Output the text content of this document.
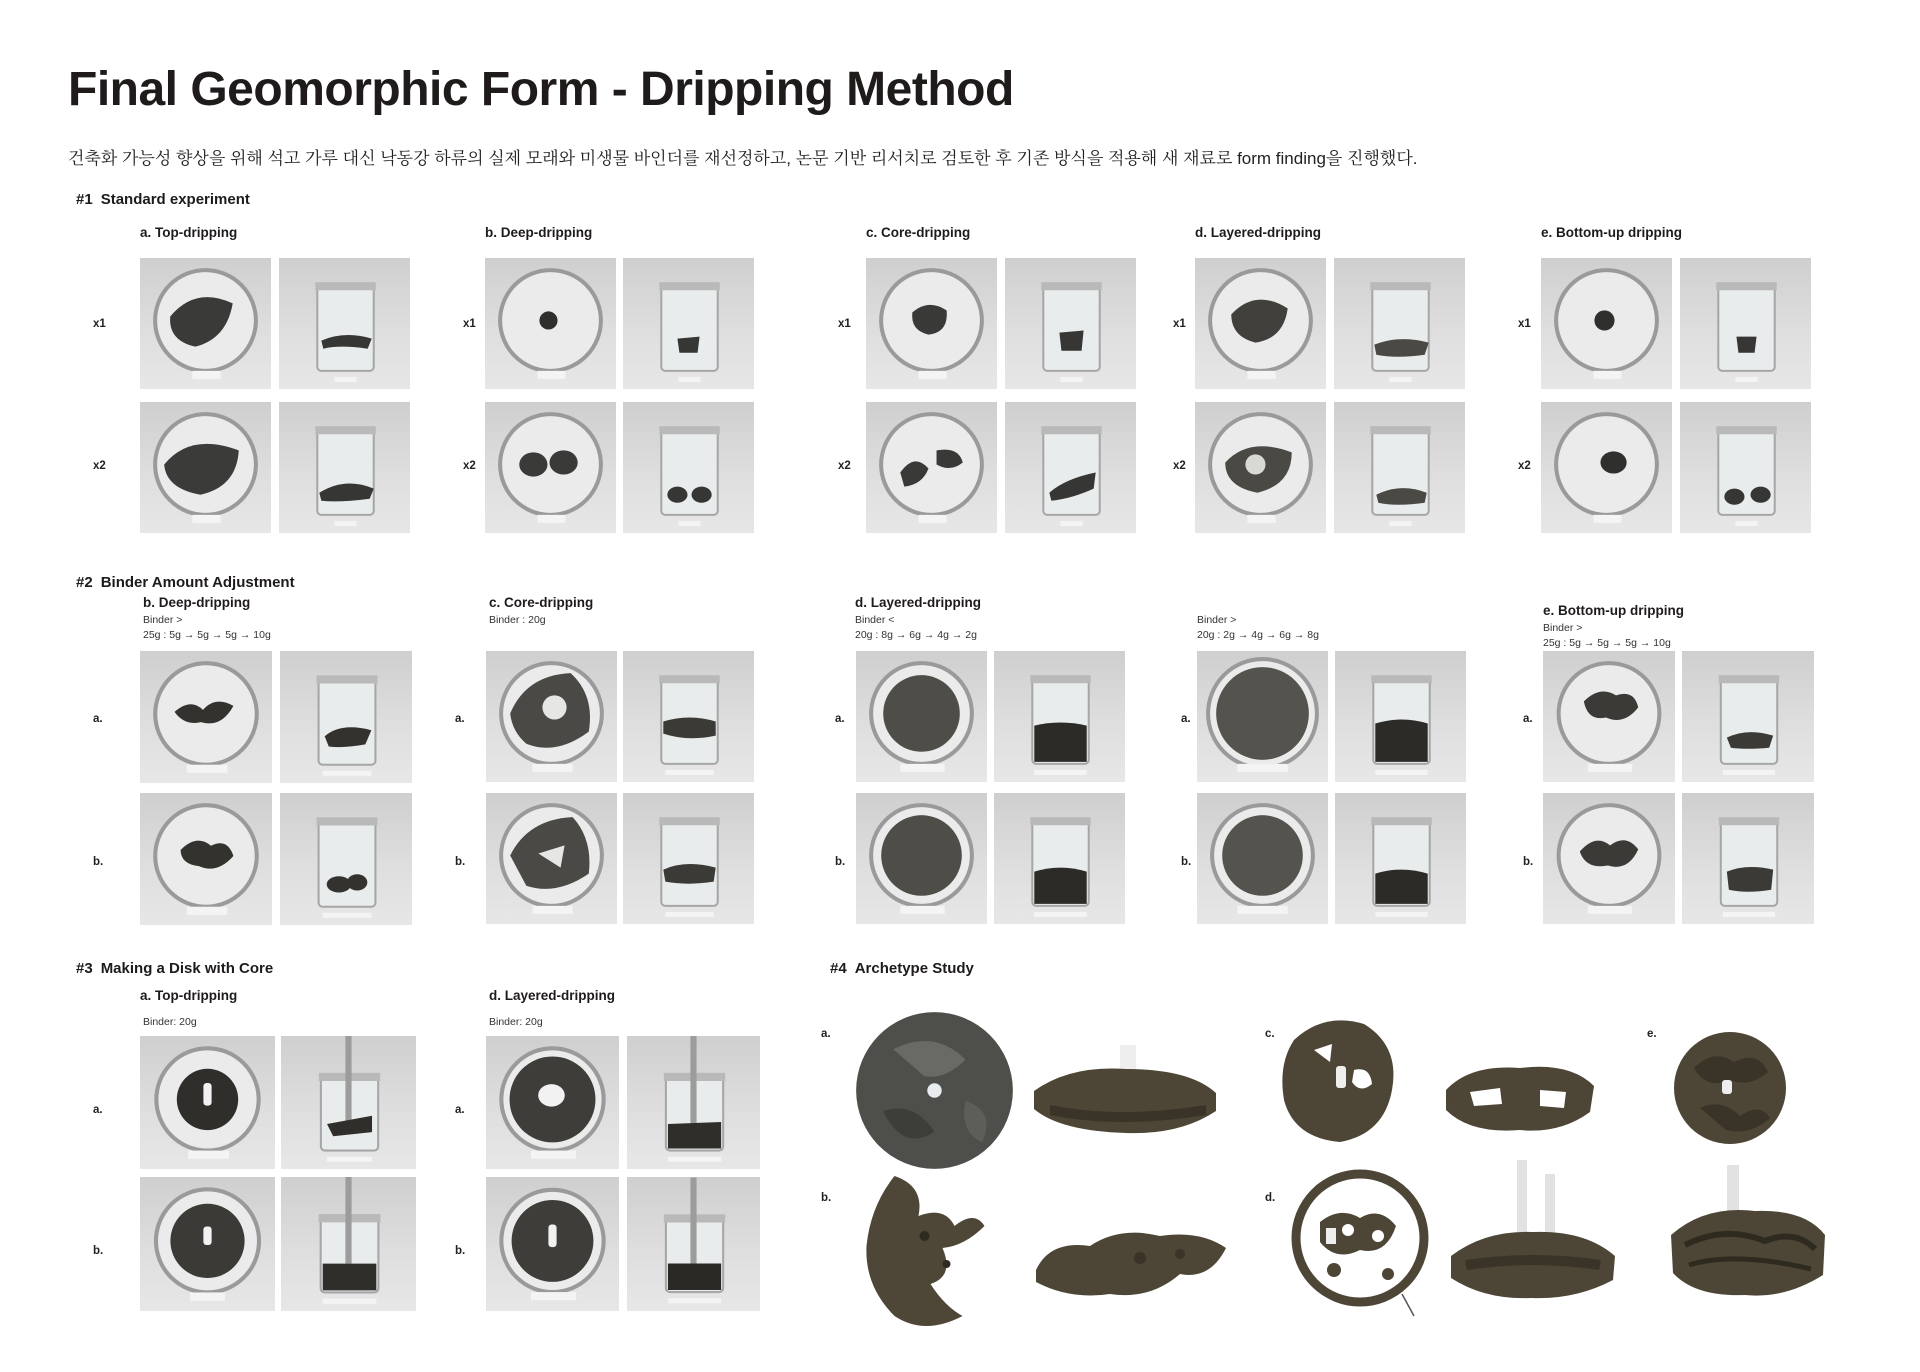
Final Geomorphic Form - Dripping Method
건축화 가능성 향상을 위해 석고 가루 대신 낙동강 하류의 실제 모래와 미생물 바인더를 재선정하고, 논문 기반 리서치로 검토한 후 기존 방식을 적용해 새 재료로 form finding을 진행했다.
#1 Standard experiment
#2 Binder Amount Adjustment
#3 Making a Disk with Core	#4 Archetype Study
a. Top-dripping	b. Deep-dripping	c. Core-dripping	d. Layered-dripping	e. Bottom-up dripping
x1	x1	x1	x1	x1
x2	x2	x2	x2	x2
b. Deep-dripping
Binder >
25g : 5g → 5g → 5g → 10g
c. Core-dripping
Binder : 20g
d. Layered-dripping
Binder <
20g : 8g → 6g → 4g → 2g
Binder >
20g : 2g → 4g → 6g → 8g
e. Bottom-up dripping
Binder >
25g : 5g → 5g → 5g → 10g
a.	a.	a.	a.	a.
b.	b.	b.	b.	b.
a. Top-dripping
Binder: 20g
d. Layered-dripping
Binder: 20g
a.	a.
b.	b.
a.
b.
c.
d.
e.
